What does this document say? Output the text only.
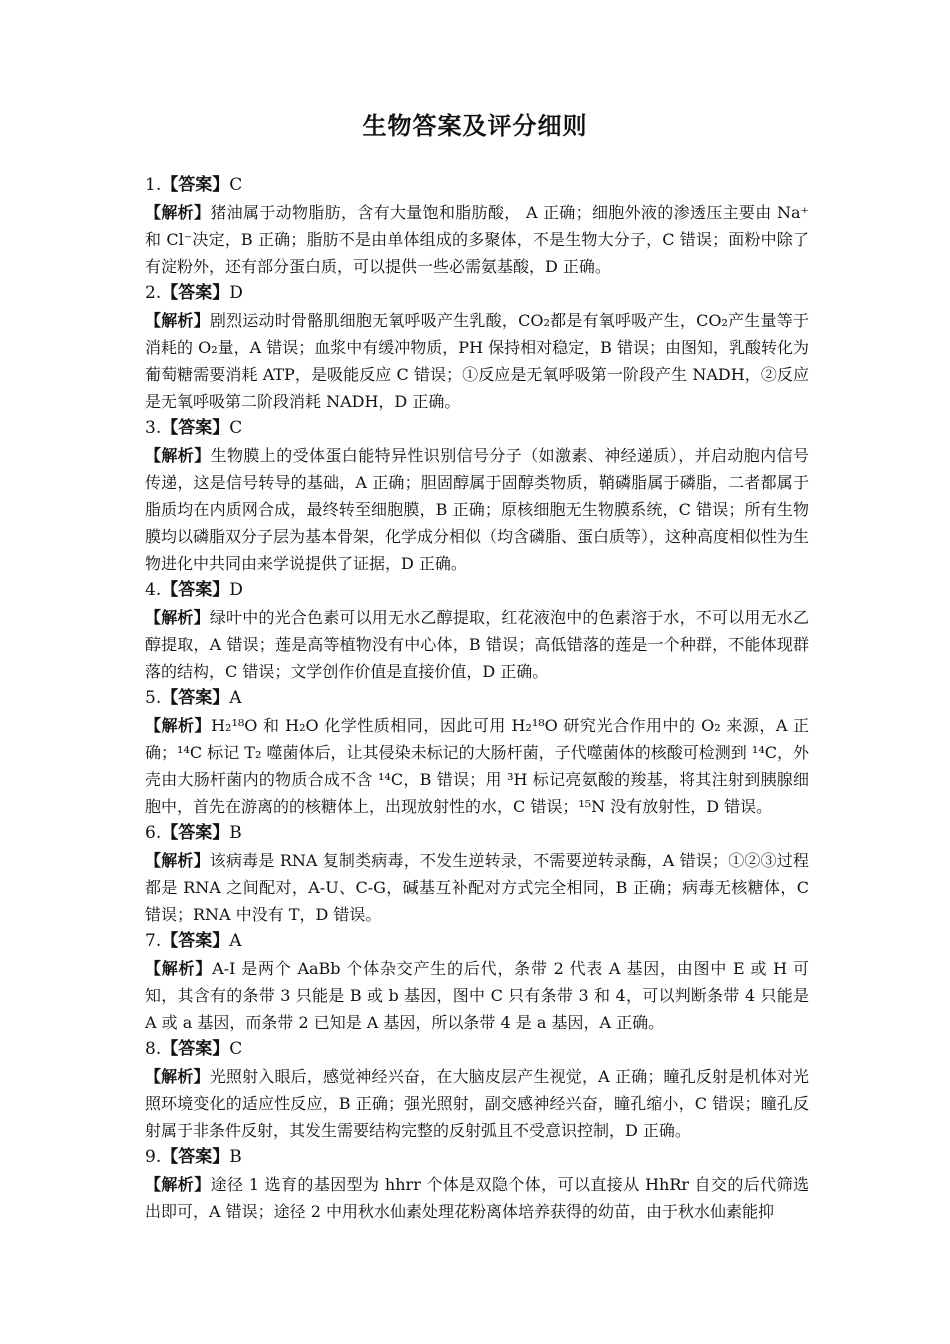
生物答案及评分细则
1.【答案】C

【解析】猪油属于动物脂肪，含有大量饱和脂肪酸， A 正确；细胞外液的渗透压主要由 Na⁺和 Cl⁻决定，B 正确；脂肪不是由单体组成的多聚体，不是生物大分子，C 错误；面粉中除了有淀粉外，还有部分蛋白质，可以提供一些必需氨基酸，D 正确。

2.【答案】D

【解析】剧烈运动时骨骼肌细胞无氧呼吸产生乳酸，CO₂都是有氧呼吸产生，CO₂产生量等于消耗的 O₂量，A 错误；血浆中有缓冲物质，PH 保持相对稳定，B 错误；由图知，乳酸转化为葡萄糖需要消耗 ATP，是吸能反应 C 错误；①反应是无氧呼吸第一阶段产生 NADH，②反应是无氧呼吸第二阶段消耗 NADH，D 正确。

3.【答案】C

【解析】生物膜上的受体蛋白能特异性识别信号分子（如激素、神经递质），并启动胞内信号传递，这是信号转导的基础，A 正确；胆固醇属于固醇类物质，鞘磷脂属于磷脂，二者都属于脂质均在内质网合成，最终转至细胞膜，B 正确；原核细胞无生物膜系统，C 错误；所有生物膜均以磷脂双分子层为基本骨架，化学成分相似（均含磷脂、蛋白质等），这种高度相似性为生物进化中共同由来学说提供了证据，D 正确。

4.【答案】D

【解析】绿叶中的光合色素可以用无水乙醇提取，红花液泡中的色素溶于水，不可以用无水乙醇提取，A 错误；莲是高等植物没有中心体，B 错误；高低错落的莲是一个种群，不能体现群落的结构，C 错误；文学创作价值是直接价值，D 正确。

5.【答案】A

【解析】H₂¹⁸O 和 H₂O 化学性质相同，因此可用 H₂¹⁸O 研究光合作用中的 O₂ 来源，A 正确；¹⁴C 标记 T₂ 噬菌体后，让其侵染未标记的大肠杆菌，子代噬菌体的核酸可检测到 ¹⁴C，外壳由大肠杆菌内的物质合成不含 ¹⁴C，B 错误；用 ³H 标记亮氨酸的羧基，将其注射到胰腺细胞中，首先在游离的的核糖体上，出现放射性的水，C 错误；¹⁵N 没有放射性，D 错误。

6.【答案】B

【解析】该病毒是 RNA 复制类病毒，不发生逆转录，不需要逆转录酶，A 错误；①②③过程都是 RNA 之间配对，A-U、C-G，碱基互补配对方式完全相同，B 正确；病毒无核糖体，C 错误；RNA 中没有 T，D 错误。

7.【答案】A

【解析】A-I 是两个 AaBb 个体杂交产生的后代，条带 2 代表 A 基因，由图中 E 或 H 可知，其含有的条带 3 只能是 B 或 b 基因，图中 C 只有条带 3 和 4，可以判断条带 4 只能是 A 或 a 基因，而条带 2 已知是 A 基因，所以条带 4 是 a 基因，A 正确。

8.【答案】C

【解析】光照射入眼后，感觉神经兴奋，在大脑皮层产生视觉，A 正确；瞳孔反射是机体对光照环境变化的适应性反应，B 正确；强光照射，副交感神经兴奋，瞳孔缩小，C 错误；瞳孔反射属于非条件反射，其发生需要结构完整的反射弧且不受意识控制，D 正确。

9.【答案】B

【解析】途径 1 选育的基因型为 hhrr 个体是双隐个体，可以直接从 HhRr 自交的后代筛选出即可，A 错误；途径 2 中用秋水仙素处理花粉离体培养获得的幼苗，由于秋水仙素能抑
